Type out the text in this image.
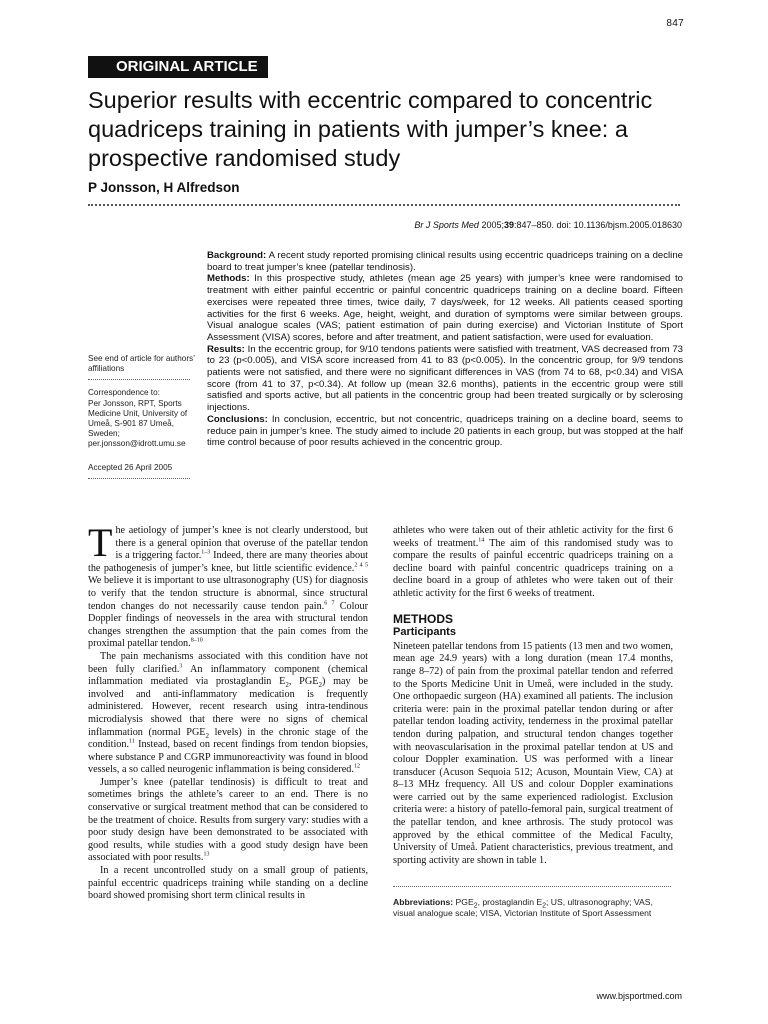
847
ORIGINAL ARTICLE
Superior results with eccentric compared to concentric quadriceps training in patients with jumper’s knee: a prospective randomised study
P Jonsson, H Alfredson
Br J Sports Med 2005;39:847–850. doi: 10.1136/bjsm.2005.018630
See end of article for authors’ affiliations
Correspondence to:
Per Jonsson, RPT, Sports Medicine Unit, University of Umeå, S-901 87 Umeå, Sweden; per.jonsson@idrott.umu.se
Accepted 26 April 2005

Background: A recent study reported promising clinical results using eccentric quadriceps training on a decline board to treat jumper’s knee (patellar tendinosis).

Methods: In this prospective study, athletes (mean age 25 years) with jumper’s knee were randomised to treatment with either painful eccentric or painful concentric quadriceps training on a decline board. Fifteen exercises were repeated three times, twice daily, 7 days/week, for 12 weeks. All patients ceased sporting activities for the first 6 weeks. Age, height, weight, and duration of symptoms were similar between groups. Visual analogue scales (VAS; patient estimation of pain during exercise) and Victorian Institute of Sport Assessment (VISA) scores, before and after treatment, and patient satisfaction, were used for evaluation.

Results: In the eccentric group, for 9/10 tendons patients were satisfied with treatment, VAS decreased from 73 to 23 (p<0.005), and VISA score increased from 41 to 83 (p<0.005). In the concentric group, for 9/9 tendons patients were not satisfied, and there were no significant differences in VAS (from 74 to 68, p<0.34) and VISA score (from 41 to 37, p<0.34). At follow up (mean 32.6 months), patients in the eccentric group were still satisfied and sports active, but all patients in the concentric group had been treated surgically or by sclerosing injections.

Conclusions: In conclusion, eccentric, but not concentric, quadriceps training on a decline board, seems to reduce pain in jumper’s knee. The study aimed to include 20 patients in each group, but was stopped at the half time control because of poor results achieved in the concentric group.

The aetiology of jumper’s knee is not clearly understood, but there is a general opinion that overuse of the patellar tendon is a triggering factor.$^{1-3}$ Indeed, there are many theories about the pathogenesis of jumper’s knee, but little scientific evidence.$^{2 4 5}$ We believe it is important to use ultrasonography (US) for diagnosis to verify that the tendon structure is abnormal, since structural tendon changes do not necessarily cause tendon pain.$^{6 7}$ Colour Doppler findings of neovessels in the area with structural tendon changes strengthen the assumption that the pain comes from the proximal patellar tendon.$^{8-10}$

The pain mechanisms associated with this condition have not been fully clarified.$^3$ An inflammatory component (chemical inflammation mediated via prostaglandin $E_2$, $PGE_2$) may be involved and anti-inflammatory medication is frequently administered. However, recent research using intra-tendinous microdialysis showed that there were no signs of chemical inflammation (normal $PGE_2$ levels) in the chronic stage of the condition.$^{11}$ Instead, based on recent findings from tendon biopsies, where substance P and CGRP immunoreactivity was found in blood vessels, a so called neurogenic inflammation is being considered.$^{12}$

Jumper’s knee (patellar tendinosis) is difficult to treat and sometimes brings the athlete’s career to an end. There is no conservative or surgical treatment method that can be considered to be the treatment of choice. Results from surgery vary: studies with a poor study design have been demonstrated to be associated with good results, while studies with a good study design have been associated with poor results.$^{13}$

In a recent uncontrolled study on a small group of patients, painful eccentric quadriceps training while standing on a decline board showed promising short term clinical results in

athletes who were taken out of their athletic activity for the first 6 weeks of treatment.$^{14}$ The aim of this randomised study was to compare the results of painful eccentric quadriceps training on a decline board with painful concentric quadriceps training on a decline board in a group of athletes who were taken out of their athletic activity for the first 6 weeks of treatment.

METHODS
Participants

Nineteen patellar tendons from 15 patients (13 men and two women, mean age 24.9 years) with a long duration (mean 17.4 months, range 8–72) of pain from the proximal patellar tendon and referred to the Sports Medicine Unit in Umeå, were included in the study. One orthopaedic surgeon (HA) examined all patients. The inclusion criteria were: pain in the proximal patellar tendon during or after patellar tendon loading activity, tenderness in the proximal patellar tendon during palpation, and structural tendon changes together with neovascularisation in the proximal patellar tendon at US and colour Doppler examination. US was performed with a linear transducer (Acuson Sequoia 512; Acuson, Mountain View, CA) at 8–13 MHz frequency. All US and colour Doppler examinations were carried out by the same experienced radiologist. Exclusion criteria were: a history of patello-femoral pain, surgical treatment of the patellar tendon, and knee arthrosis. The study protocol was approved by the ethical committee of the Medical Faculty, University of Umeå. Patient characteristics, previous treatment, and sporting activity are shown in table 1.

Abbreviations: $PGE_2$, prostaglandin $E_2$; US, ultrasonography; VAS, visual analogue scale; VISA, Victorian Institute of Sport Assessment
www.bjsportmed.com
